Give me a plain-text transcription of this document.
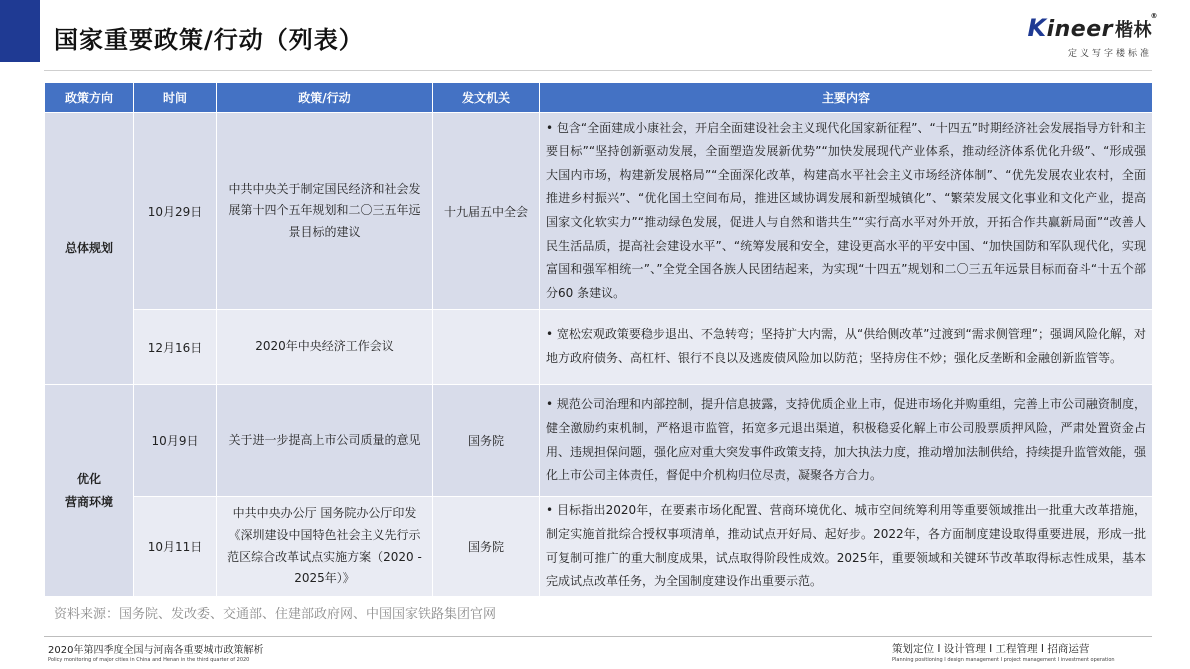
国家重要政策/行动（列表）	Kineer 楷林
®
定义写字楼标准
政策方向	时间	政策/行动	发文机关	主要内容
总体规划	10月29日	中共中央关于制定国民经济和社会发展第十四个五年规划和二〇三五年远景目标的建议	十九届五中全会	• 包含“全面建成小康社会，开启全面建设社会主义现代化国家新征程”、“十四五”时期经济社会发展指导方针和主要目标”“坚持创新驱动发展，全面塑造发展新优势”“加快发展现代产业体系，推动经济体系优化升级”、“形成强大国内市场，构建新发展格局”“全面深化改革，构建高水平社会主义市场经济体制”、“优先发展农业农村，全面推进乡村振兴”、“优化国土空间布局，推进区域协调发展和新型城镇化”、“繁荣发展文化事业和文化产业，提高国家文化软实力”“推动绿色发展，促进人与自然和谐共生”“实行高水平对外开放，开拓合作共赢新局面”“改善人民生活品质，提高社会建设水平”、“统筹发展和安全，建设更高水平的平安中国、“加快国防和军队现代化，实现富国和强军相统一”、”全党全国各族人民团结起来，为实现“十四五”规划和二〇三五年远景目标而奋斗“十五个部分60 条建议。
	12月16日	2020年中央经济工作会议		• 宽松宏观政策要稳步退出、不急转弯；坚持扩大内需，从“供给侧改革”过渡到“需求侧管理”；强调风险化解，对地方政府债务、高杠杆、银行不良以及逃废债风险加以防范；坚持房住不炒；强化反垄断和金融创新监管等。

优化
营商环境	10月9日	关于进一步提高上市公司质量的意见	国务院	• 规范公司治理和内部控制，提升信息披露，支持优质企业上市，促进市场化并购重组，完善上市公司融资制度，健全激励约束机制，严格退市监管，拓宽多元退出渠道，积极稳妥化解上市公司股票质押风险，严肃处置资金占用、违规担保问题，强化应对重大突发事件政策支持，加大执法力度，推动增加法制供给，持续提升监管效能，强化上市公司主体责任，督促中介机构归位尽责，凝聚各方合力。
	10月11日	中共中央办公厅 国务院办公厅印发《深圳建设中国特色社会主义先行示范区综合改革试点实施方案（2020 - 2025年）》	国务院	• 目标指出2020年，在要素市场化配置、营商环境优化、城市空间统筹利用等重要领域推出一批重大改革措施，制定实施首批综合授权事项清单，推动试点开好局、起好步。2022年，各方面制度建设取得重要进展，形成一批可复制可推广的重大制度成果，试点取得阶段性成效。2025年，重要领域和关键环节改革取得标志性成果，基本完成试点改革任务，为全国制度建设作出重要示范。
资料来源：国务院、发改委、交通部、住建部政府网、中国国家铁路集团官网
2020年第四季度全国与河南各重要城市政策解析
Policy monitoring of major cities in China and Henan in the third quarter of 2020
策划定位 I 设计管理 I 工程管理 I 招商运营
Planning positioning I design management I project management I investment operation
